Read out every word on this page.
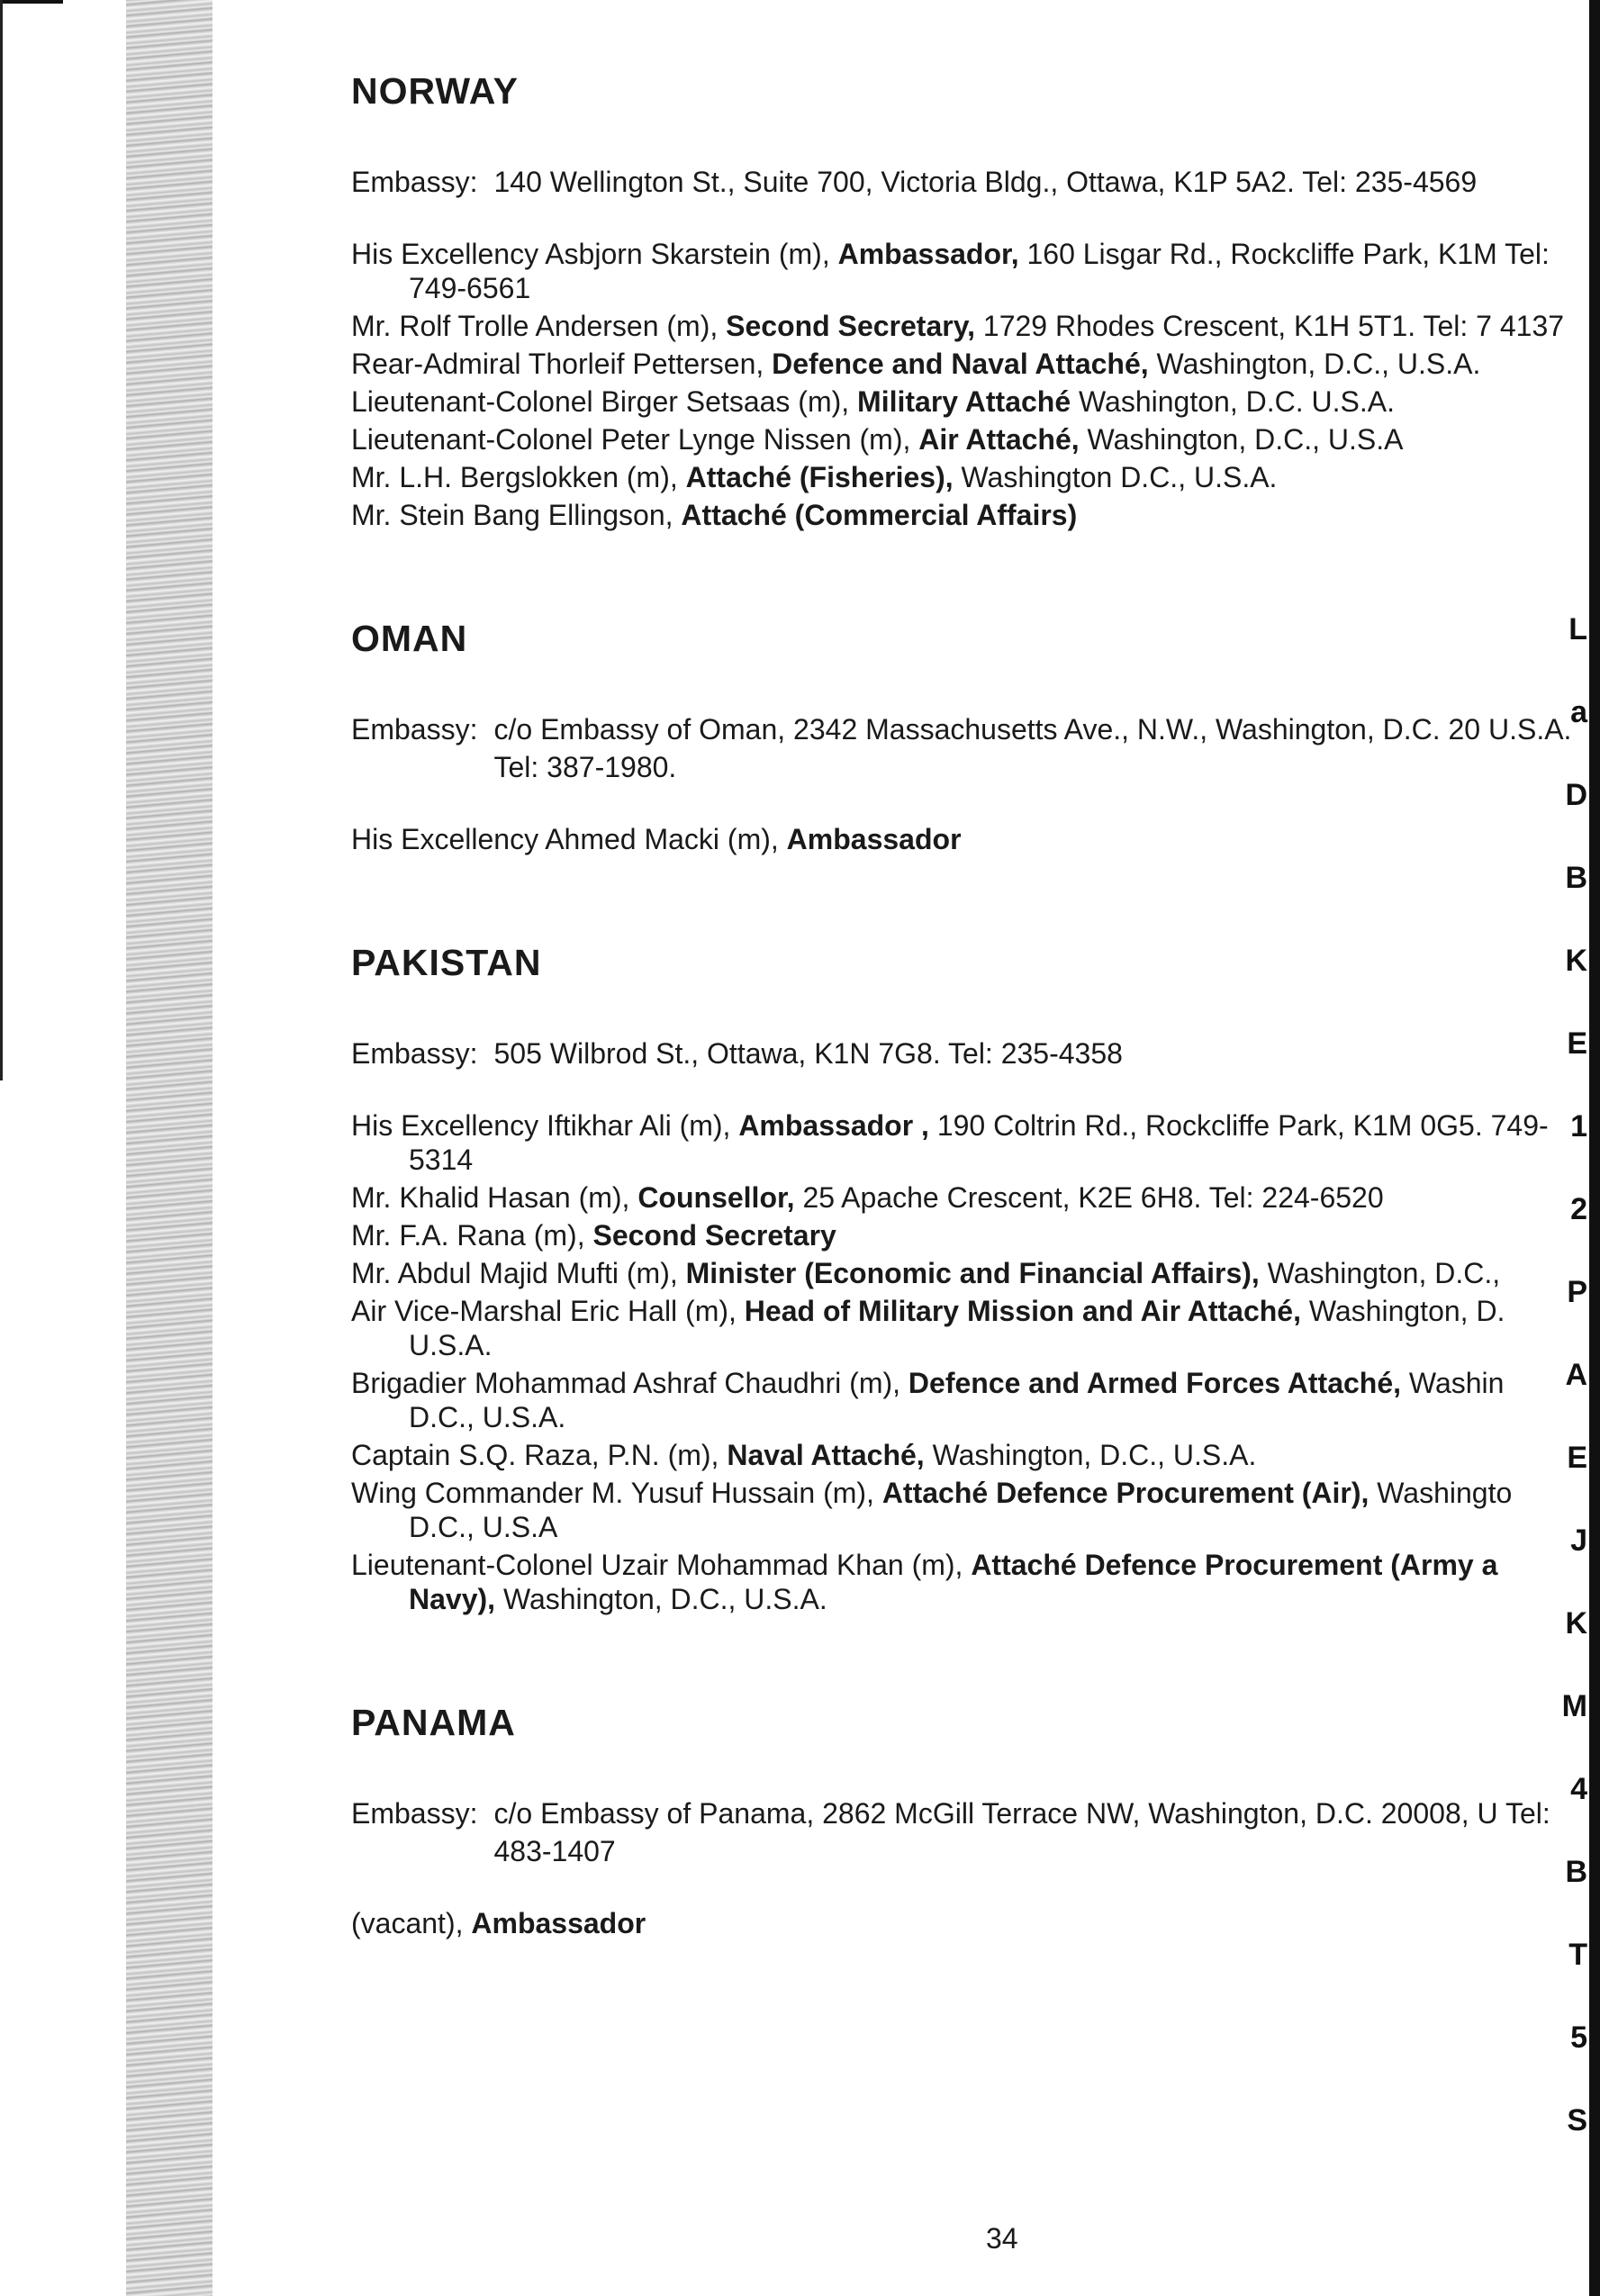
L
a
D
B
K
E
1
2
P
A
E
J
K
M
4
B
T
5
S
NORWAY
Embassy: 140 Wellington St., Suite 700, Victoria Bldg., Ottawa, K1P 5A2. Tel: 235-4569
His Excellency Asbjorn Skarstein (m), Ambassador, 160 Lisgar Rd., Rockcliffe Park, K1M Tel: 749-6561
Mr. Rolf Trolle Andersen (m), Second Secretary, 1729 Rhodes Crescent, K1H 5T1. Tel: 7 4137
Rear-Admiral Thorleif Pettersen, Defence and Naval Attaché, Washington, D.C., U.S.A.
Lieutenant-Colonel Birger Setsaas (m), Military Attaché Washington, D.C. U.S.A.
Lieutenant-Colonel Peter Lynge Nissen (m), Air Attaché, Washington, D.C., U.S.A
Mr. L.H. Bergslokken (m), Attaché (Fisheries), Washington D.C., U.S.A.
Mr. Stein Bang Ellingson, Attaché (Commercial Affairs)
OMAN
Embassy: c/o Embassy of Oman, 2342 Massachusetts Ave., N.W., Washington, D.C. 20 U.S.A. Tel: 387-1980.
His Excellency Ahmed Macki (m), Ambassador
PAKISTAN
Embassy: 505 Wilbrod St., Ottawa, K1N 7G8. Tel: 235-4358
His Excellency Iftikhar Ali (m), Ambassador , 190 Coltrin Rd., Rockcliffe Park, K1M 0G5. 749-5314
Mr. Khalid Hasan (m), Counsellor, 25 Apache Crescent, K2E 6H8. Tel: 224-6520
Mr. F.A. Rana (m), Second Secretary
Mr. Abdul Majid Mufti (m), Minister (Economic and Financial Affairs), Washington, D.C.,
Air Vice-Marshal Eric Hall (m), Head of Military Mission and Air Attaché, Washington, D. U.S.A.
Brigadier Mohammad Ashraf Chaudhri (m), Defence and Armed Forces Attaché, Washin D.C., U.S.A.
Captain S.Q. Raza, P.N. (m), Naval Attaché, Washington, D.C., U.S.A.
Wing Commander M. Yusuf Hussain (m), Attaché Defence Procurement (Air), Washingto D.C., U.S.A
Lieutenant-Colonel Uzair Mohammad Khan (m), Attaché Defence Procurement (Army a Navy), Washington, D.C., U.S.A.
PANAMA
Embassy: c/o Embassy of Panama, 2862 McGill Terrace NW, Washington, D.C. 20008, U Tel: 483-1407
(vacant), Ambassador
34
